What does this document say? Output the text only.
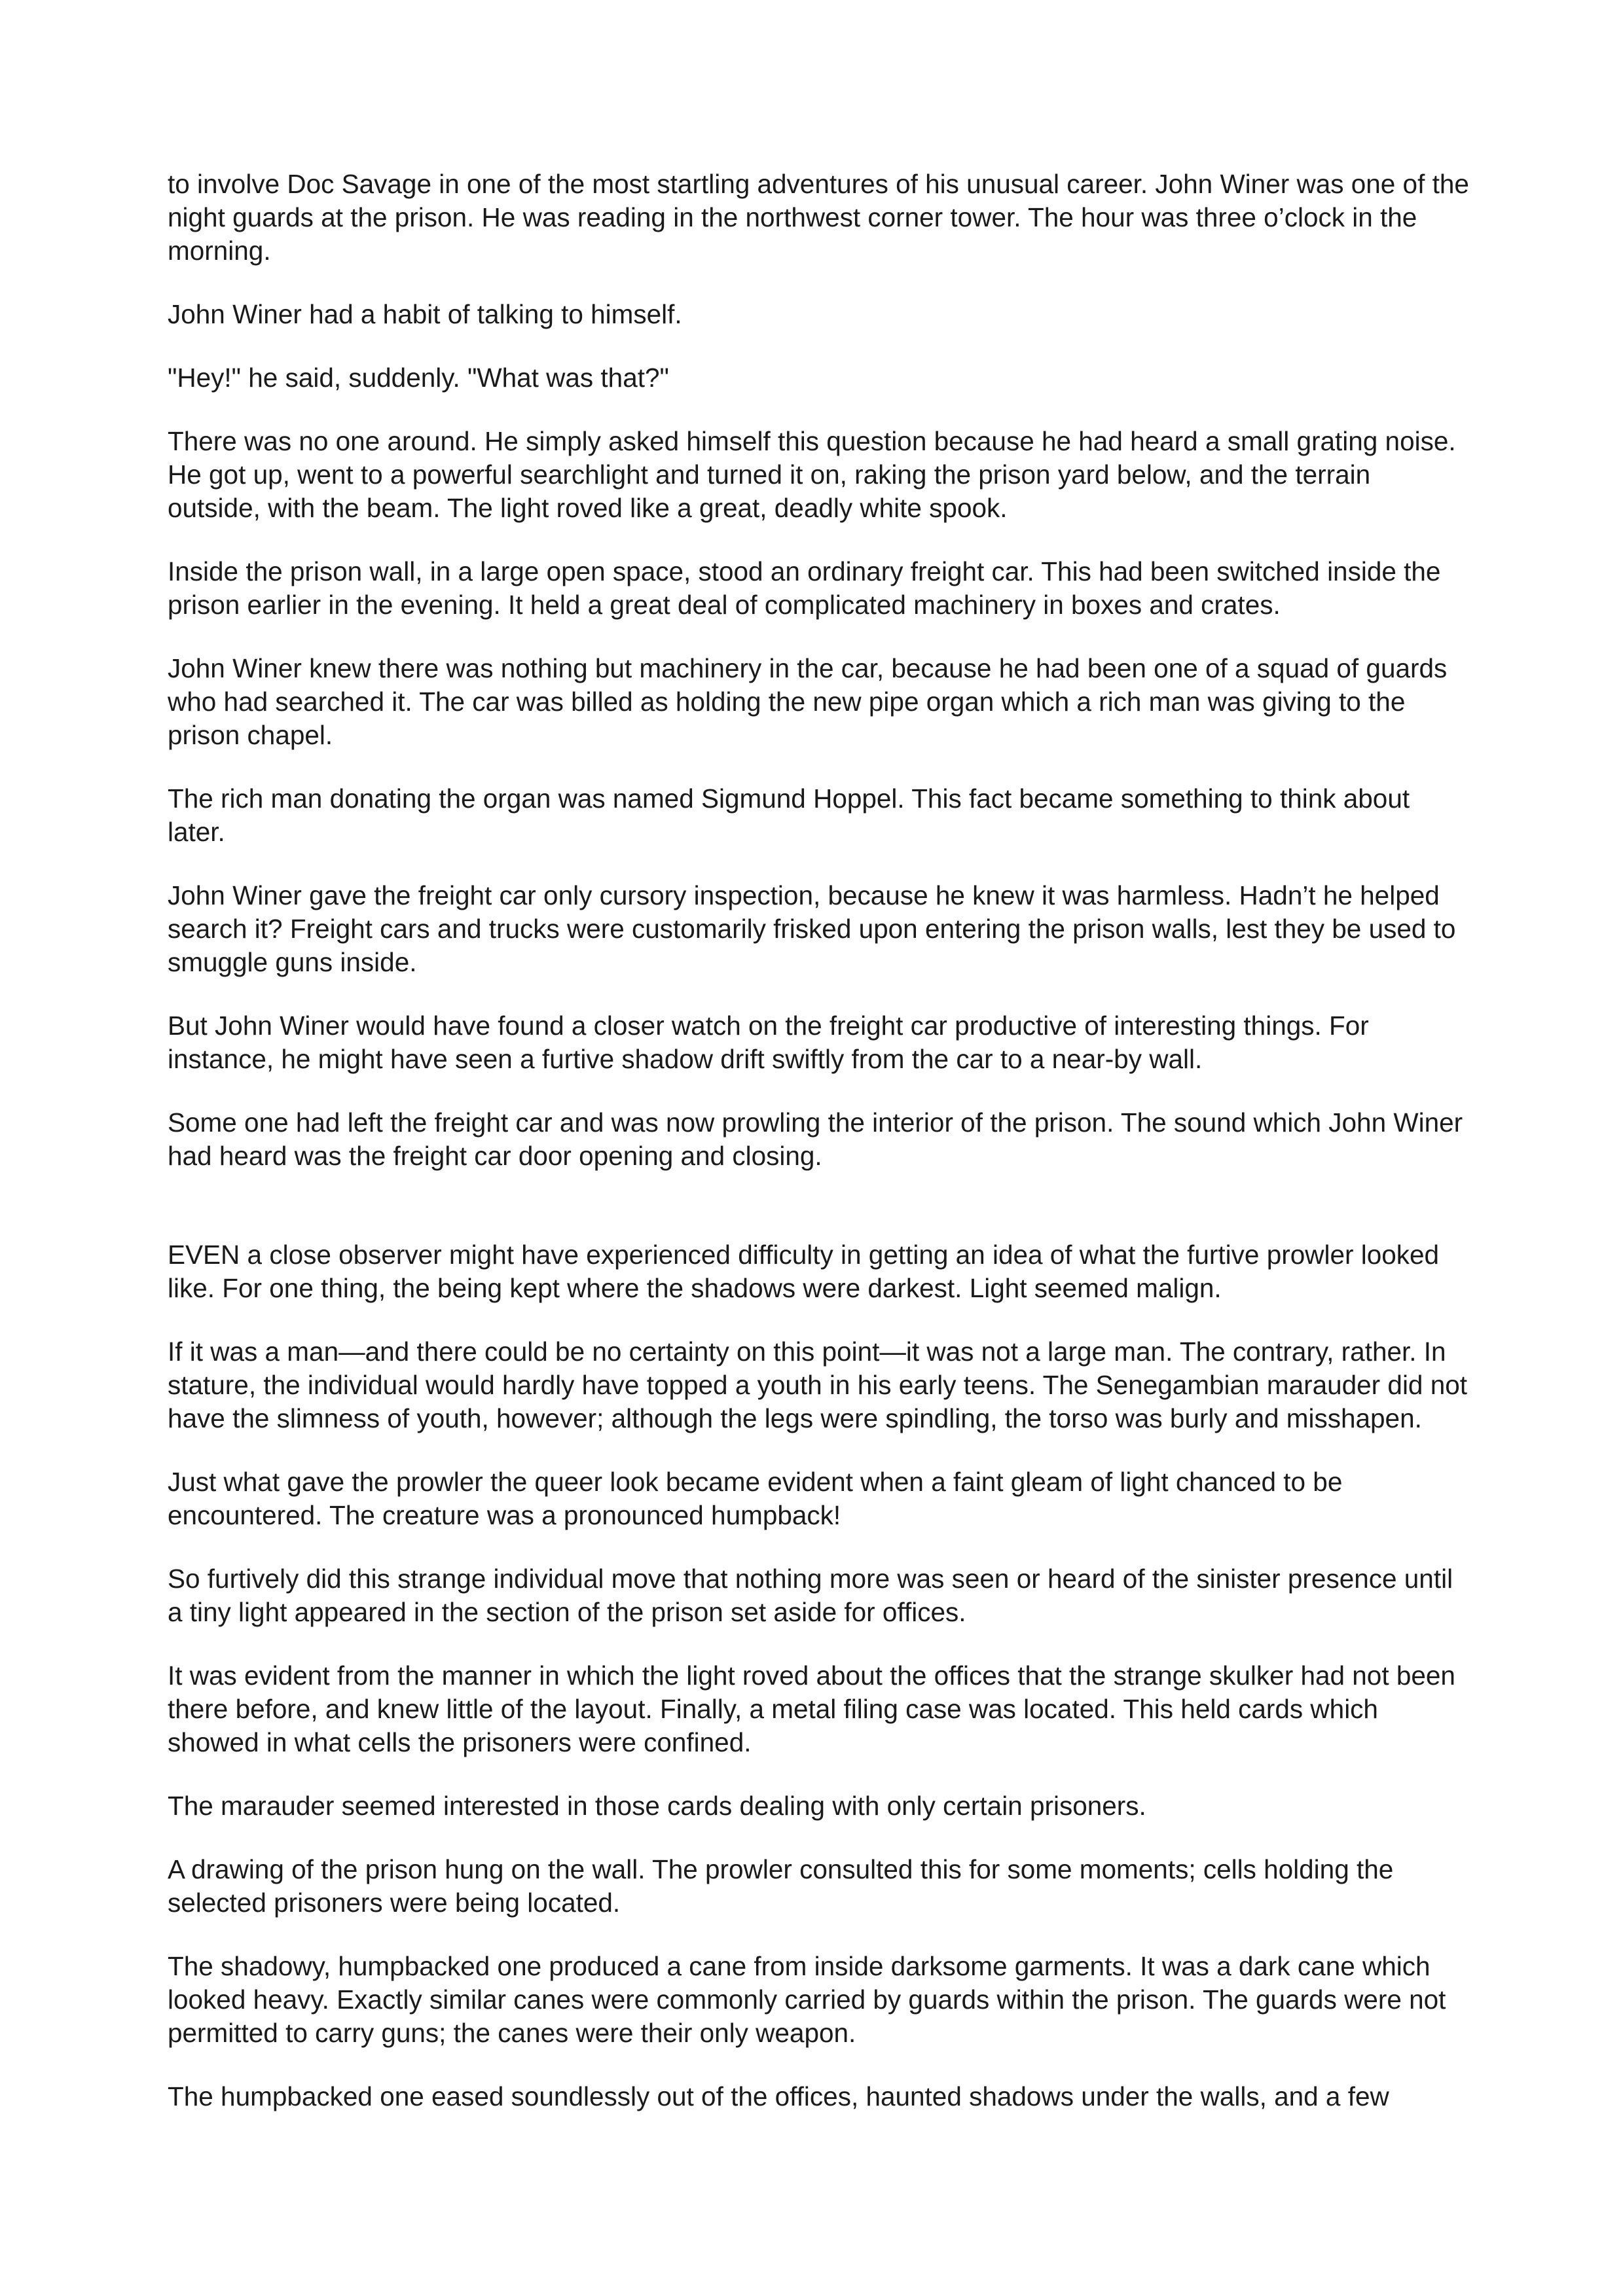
to involve Doc Savage in one of the most startling adventures of his unusual career. John Winer was one of the night guards at the prison. He was reading in the northwest corner tower. The hour was three o’clock in the morning.

John Winer had a habit of talking to himself.

"Hey!" he said, suddenly. "What was that?"

There was no one around. He simply asked himself this question because he had heard a small grating noise. He got up, went to a powerful searchlight and turned it on, raking the prison yard below, and the terrain outside, with the beam. The light roved like a great, deadly white spook.

Inside the prison wall, in a large open space, stood an ordinary freight car. This had been switched inside the prison earlier in the evening. It held a great deal of complicated machinery in boxes and crates.

John Winer knew there was nothing but machinery in the car, because he had been one of a squad of guards who had searched it. The car was billed as holding the new pipe organ which a rich man was giving to the prison chapel.

The rich man donating the organ was named Sigmund Hoppel. This fact became something to think about later.

John Winer gave the freight car only cursory inspection, because he knew it was harmless. Hadn’t he helped search it? Freight cars and trucks were customarily frisked upon entering the prison walls, lest they be used to smuggle guns inside.

But John Winer would have found a closer watch on the freight car productive of interesting things. For instance, he might have seen a furtive shadow drift swiftly from the car to a near-by wall.

Some one had left the freight car and was now prowling the interior of the prison. The sound which John Winer had heard was the freight car door opening and closing.

EVEN a close observer might have experienced difficulty in getting an idea of what the furtive prowler looked like. For one thing, the being kept where the shadows were darkest. Light seemed malign.

If it was a man—and there could be no certainty on this point—it was not a large man. The contrary, rather. In stature, the individual would hardly have topped a youth in his early teens. The Senegambian marauder did not have the slimness of youth, however; although the legs were spindling, the torso was burly and misshapen.

Just what gave the prowler the queer look became evident when a faint gleam of light chanced to be encountered. The creature was a pronounced humpback!

So furtively did this strange individual move that nothing more was seen or heard of the sinister presence until a tiny light appeared in the section of the prison set aside for offices.

It was evident from the manner in which the light roved about the offices that the strange skulker had not been there before, and knew little of the layout. Finally, a metal filing case was located. This held cards which showed in what cells the prisoners were confined.

The marauder seemed interested in those cards dealing with only certain prisoners.

A drawing of the prison hung on the wall. The prowler consulted this for some moments; cells holding the selected prisoners were being located.

The shadowy, humpbacked one produced a cane from inside darksome garments. It was a dark cane which looked heavy. Exactly similar canes were commonly carried by guards within the prison. The guards were not permitted to carry guns; the canes were their only weapon.

The humpbacked one eased soundlessly out of the offices, haunted shadows under the walls, and a few
